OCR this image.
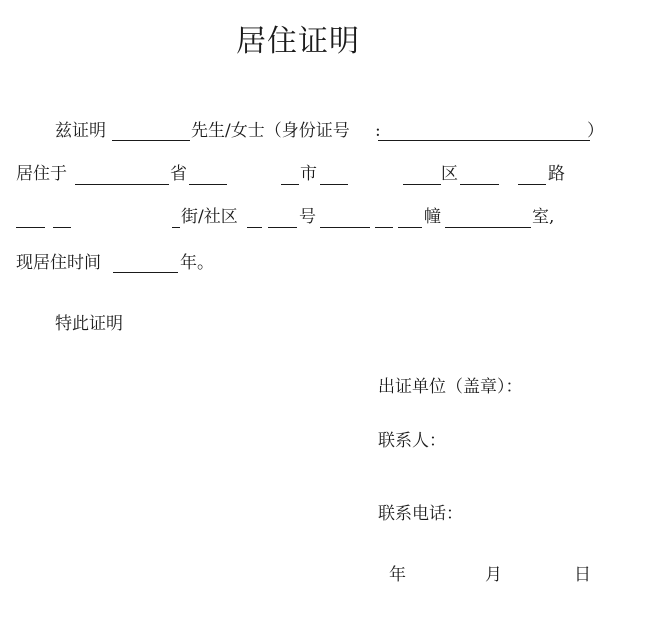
居住证明
兹证明	先生/女士（身份证号 :	）
居住于	省	市	区	路
街/社区	号	幢	室,
现居住时间	年。
特此证明
出证单位（盖章）：
联系人：
联系电话：
年	月	日
